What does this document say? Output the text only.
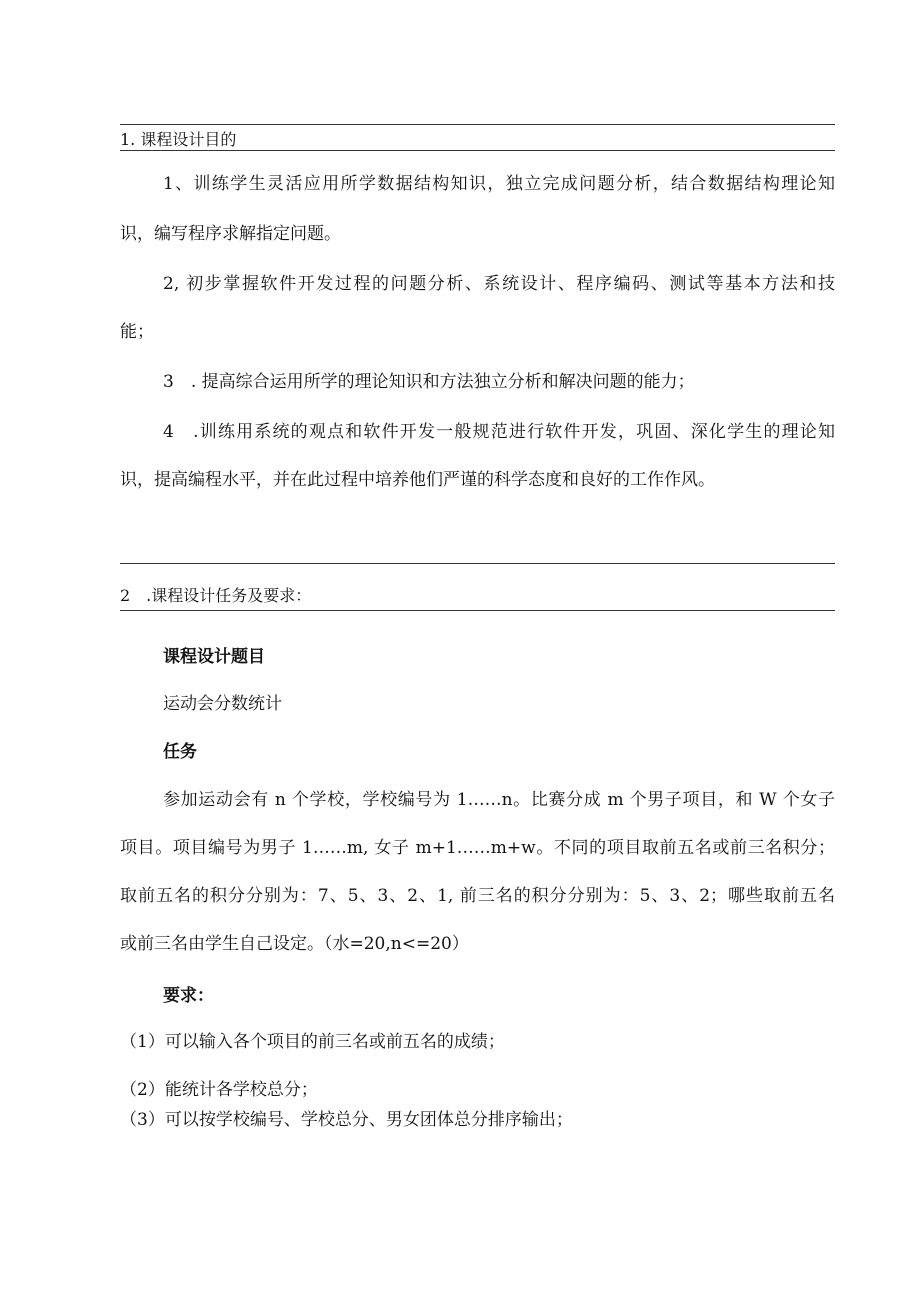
1. 课程设计目的
1、训练学生灵活应用所学数据结构知识，独立完成问题分析，结合数据结构理论知
识，编写程序求解指定问题。
2, 初步掌握软件开发过程的问题分析、系统设计、程序编码、测试等基本方法和技
能；
3　. 提高综合运用所学的理论知识和方法独立分析和解决问题的能力；
4　.训练用系统的观点和软件开发一般规范进行软件开发，巩固、深化学生的理论知
识，提高编程水平，并在此过程中培养他们严谨的科学态度和良好的工作作风。
2　.课程设计任务及要求：
课程设计题目
运动会分数统计
任务
参加运动会有 n 个学校，学校编号为 1……n。比赛分成 m 个男子项目，和 W 个女子
项目。项目编号为男子 1……m, 女子 m+1……m+w。不同的项目取前五名或前三名积分；
取前五名的积分分别为：7、5、3、2、1, 前三名的积分分别为：5、3、2；哪些取前五名
或前三名由学生自己设定。（水=20,n<=20）
要求：
（1）可以输入各个项目的前三名或前五名的成绩；
（2）能统计各学校总分；
（3）可以按学校编号、学校总分、男女团体总分排序输出；
